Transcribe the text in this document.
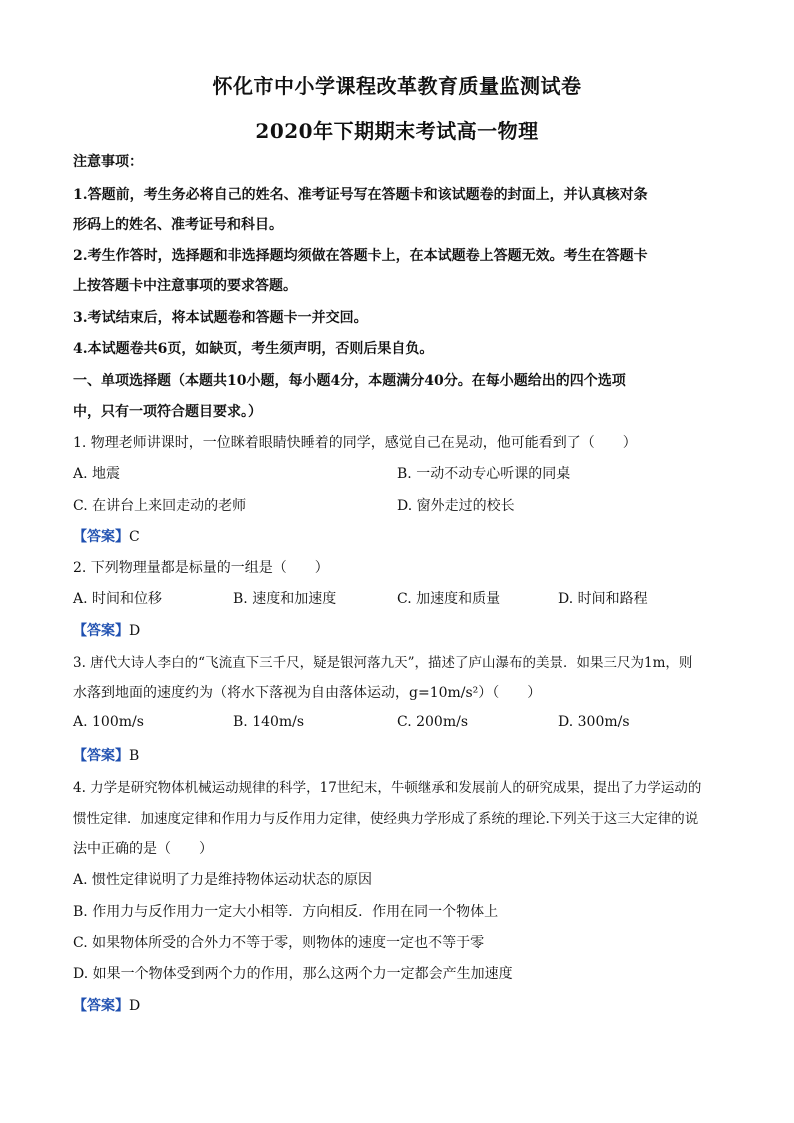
怀化市中小学课程改革教育质量监测试卷
2020年下期期末考试高一物理
注意事项：
1.答题前，考生务必将自己的姓名、准考证号写在答题卡和该试题卷的封面上，并认真核对条
形码上的姓名、准考证号和科目。
2.考生作答时，选择题和非选择题均须做在答题卡上，在本试题卷上答题无效。考生在答题卡
上按答题卡中注意事项的要求答题。
3.考试结束后，将本试题卷和答题卡一并交回。
4.本试题卷共6页，如缺页，考生须声明，否则后果自负。
一、单项选择题（本题共10小题，每小题4分，本题满分40分。在每小题给出的四个选项
中，只有一项符合题目要求。）
1. 物理老师讲课时，一位眯着眼睛快睡着的同学，感觉自己在晃动，他可能看到了（　　）
A. 地震	B. 一动不动专心听课的同桌
C. 在讲台上来回走动的老师	D. 窗外走过的校长
【答案】C
2. 下列物理量都是标量的一组是（　　）
A. 时间和位移	B. 速度和加速度	C. 加速度和质量	D. 时间和路程
【答案】D
3. 唐代大诗人李白的“飞流直下三千尺，疑是银河落九天”，描述了庐山瀑布的美景．如果三尺为1m，则
水落到地面的速度约为（将水下落视为自由落体运动，g=10m/s²）（　　）
A. 100m/s	B. 140m/s	C. 200m/s	D. 300m/s
【答案】B
4. 力学是研究物体机械运动规律的科学，17世纪末，牛顿继承和发展前人的研究成果，提出了力学运动的
惯性定律．加速度定律和作用力与反作用力定律，使经典力学形成了系统的理论.下列关于这三大定律的说
法中正确的是（　　）
A. 惯性定律说明了力是维持物体运动状态的原因
B. 作用力与反作用力一定大小相等．方向相反．作用在同一个物体上
C. 如果物体所受的合外力不等于零，则物体的速度一定也不等于零
D. 如果一个物体受到两个力的作用，那么这两个力一定都会产生加速度
【答案】D
